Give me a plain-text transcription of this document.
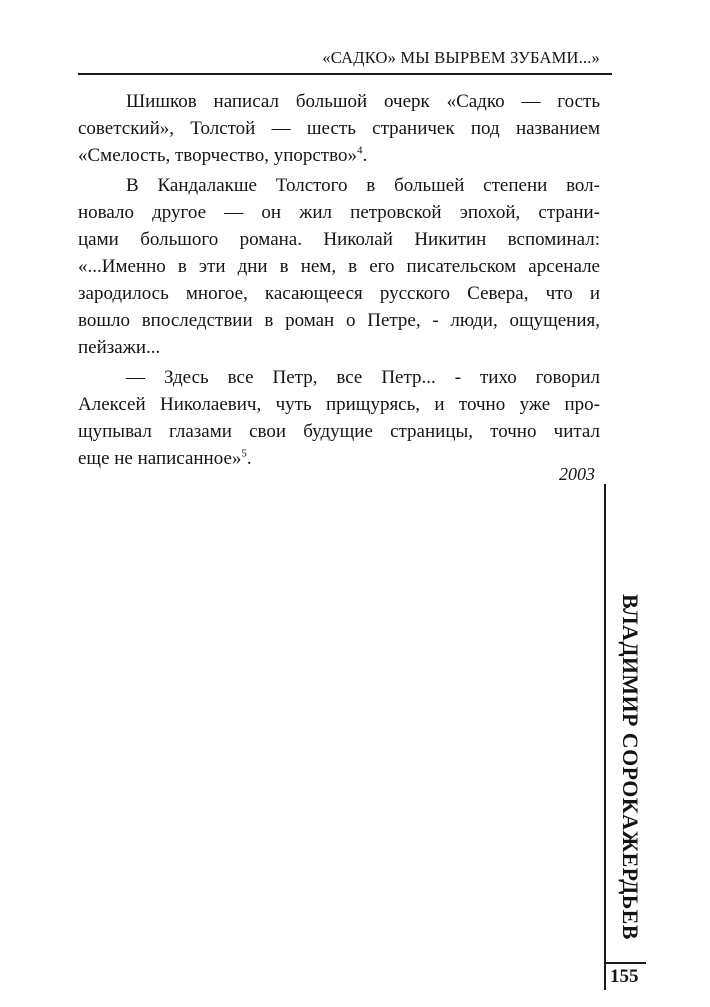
«САДКО» МЫ ВЫРВЕМ ЗУБАМИ...»
Шишков написал большой очерк «Садко — гость
советский», Толстой — шесть страничек под названием
«Смелость, творчество, упорство»$^4$.
В Кандалакше Толстого в большей степени вол-
новало другое — он жил петровской эпохой, страни-
цами большого романа. Николай Никитин вспоминал:
«...Именно в эти дни в нем, в его писательском арсенале
зародилось многое, касающееся русского Севера, что и
вошло впоследствии в роман о Петре, - люди, ощущения,
пейзажи...
— Здесь все Петр, все Петр... - тихо говорил
Алексей Николаевич, чуть прищурясь, и точно уже про-
щупывал глазами свои будущие страницы, точно читал
еще не написанное»$^5$.
2003
ВЛАДИМИР СОРОКАЖЕРДЬЕВ
155
